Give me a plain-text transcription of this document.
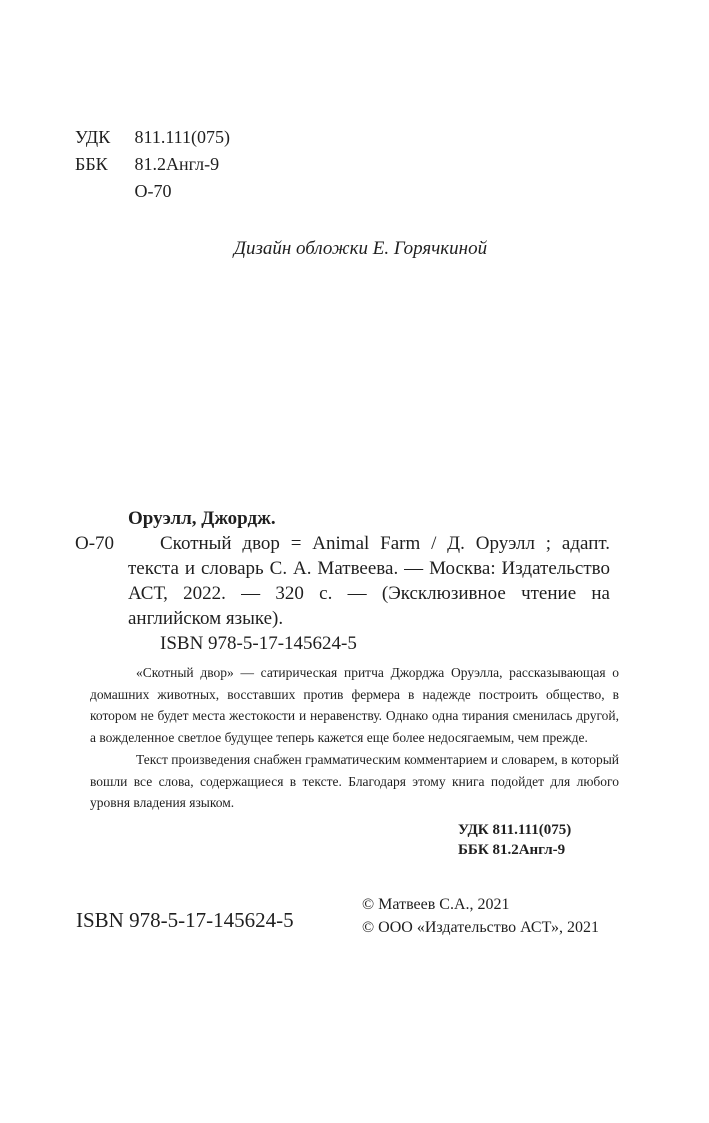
УДК 811.111(075)
ББК 81.2Англ-9
О-70
Дизайн обложки Е. Горячкиной
О-70
Оруэлл, Джордж.

Скотный двор = Animal Farm / Д. Оруэлл ; адапт. текста и словарь С. А. Матвеева. — Москва: Издательство АСТ, 2022. — 320 с. — (Эксклюзивное чтение на английском языке).

ISBN 978-5-17-145624-5

«Скотный двор» — сатирическая притча Джорджа Оруэлла, рассказывающая о домашних животных, восставших против фермера в надежде построить общество, в котором не будет места жестокости и неравенству. Однако одна тирания сменилась другой, а вожделенное светлое будущее теперь кажется еще более недосягаемым, чем прежде.

Текст произведения снабжен грамматическим комментарием и словарем, в который вошли все слова, содержащиеся в тексте. Благодаря этому книга подойдет для любого уровня владения языком.

УДК 811.111(075)
ББК 81.2Англ-9
ISBN 978-5-17-145624-5
© Матвеев С.А., 2021
© ООО «Издательство АСТ», 2021
